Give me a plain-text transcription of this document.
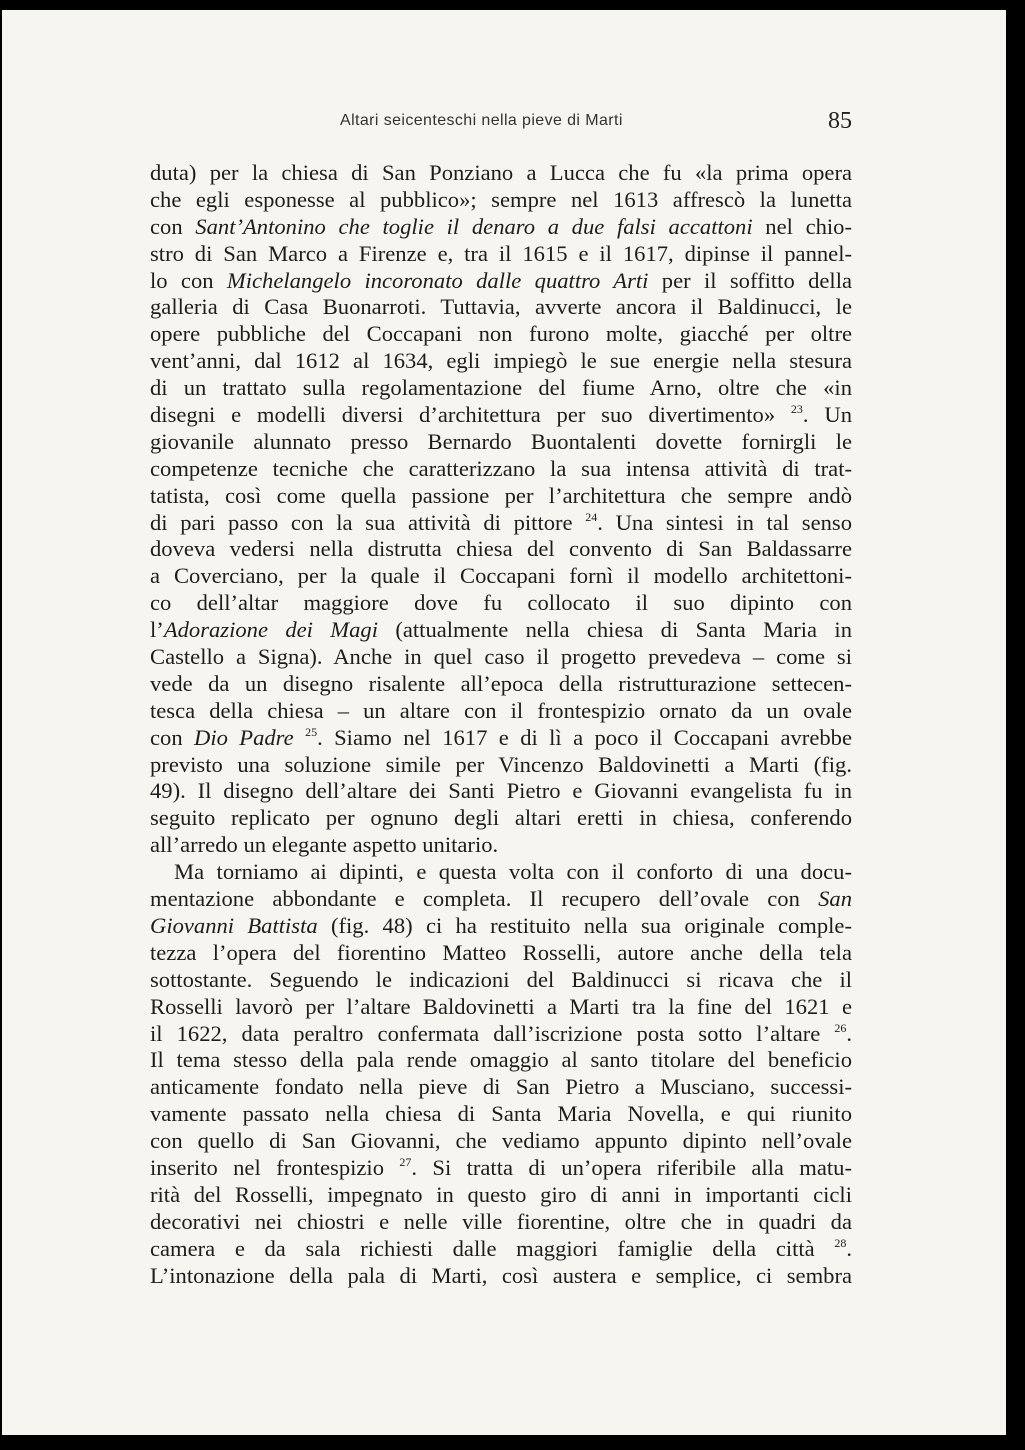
Altari seicenteschi nella pieve di Marti	85
duta) per la chiesa di San Ponziano a Lucca che fu «la prima opera
che egli esponesse al pubblico»; sempre nel 1613 affrescò la lunetta
con Sant’Antonino che toglie il denaro a due falsi accattoni nel chio-
stro di San Marco a Firenze e, tra il 1615 e il 1617, dipinse il pannel-
lo con Michelangelo incoronato dalle quattro Arti per il soffitto della
galleria di Casa Buonarroti. Tuttavia, avverte ancora il Baldinucci, le
opere pubbliche del Coccapani non furono molte, giacché per oltre
vent’anni, dal 1612 al 1634, egli impiegò le sue energie nella stesura
di un trattato sulla regolamentazione del fiume Arno, oltre che «in
disegni e modelli diversi d’architettura per suo divertimento» $^{23}$. Un
giovanile alunnato presso Bernardo Buontalenti dovette fornirgli le
competenze tecniche che caratterizzano la sua intensa attività di trat-
tatista, così come quella passione per l’architettura che sempre andò
di pari passo con la sua attività di pittore $^{24}$. Una sintesi in tal senso
doveva vedersi nella distrutta chiesa del convento di San Baldassarre
a Coverciano, per la quale il Coccapani fornì il modello architettoni-
co dell’altar maggiore dove fu collocato il suo dipinto con
l’Adorazione dei Magi (attualmente nella chiesa di Santa Maria in
Castello a Signa). Anche in quel caso il progetto prevedeva – come si
vede da un disegno risalente all’epoca della ristrutturazione settecen-
tesca della chiesa – un altare con il frontespizio ornato da un ovale
con Dio Padre $^{25}$. Siamo nel 1617 e di lì a poco il Coccapani avrebbe
previsto una soluzione simile per Vincenzo Baldovinetti a Marti (fig.
49). Il disegno dell’altare dei Santi Pietro e Giovanni evangelista fu in
seguito replicato per ognuno degli altari eretti in chiesa, conferendo
all’arredo un elegante aspetto unitario.
Ma torniamo ai dipinti, e questa volta con il conforto di una docu-
mentazione abbondante e completa. Il recupero dell’ovale con San
Giovanni Battista (fig. 48) ci ha restituito nella sua originale comple-
tezza l’opera del fiorentino Matteo Rosselli, autore anche della tela
sottostante. Seguendo le indicazioni del Baldinucci si ricava che il
Rosselli lavorò per l’altare Baldovinetti a Marti tra la fine del 1621 e
il 1622, data peraltro confermata dall’iscrizione posta sotto l’altare $^{26}$.
Il tema stesso della pala rende omaggio al santo titolare del beneficio
anticamente fondato nella pieve di San Pietro a Musciano, successi-
vamente passato nella chiesa di Santa Maria Novella, e qui riunito
con quello di San Giovanni, che vediamo appunto dipinto nell’ovale
inserito nel frontespizio $^{27}$. Si tratta di un’opera riferibile alla matu-
rità del Rosselli, impegnato in questo giro di anni in importanti cicli
decorativi nei chiostri e nelle ville fiorentine, oltre che in quadri da
camera e da sala richiesti dalle maggiori famiglie della città $^{28}$.
L’intonazione della pala di Marti, così austera e semplice, ci sembra
